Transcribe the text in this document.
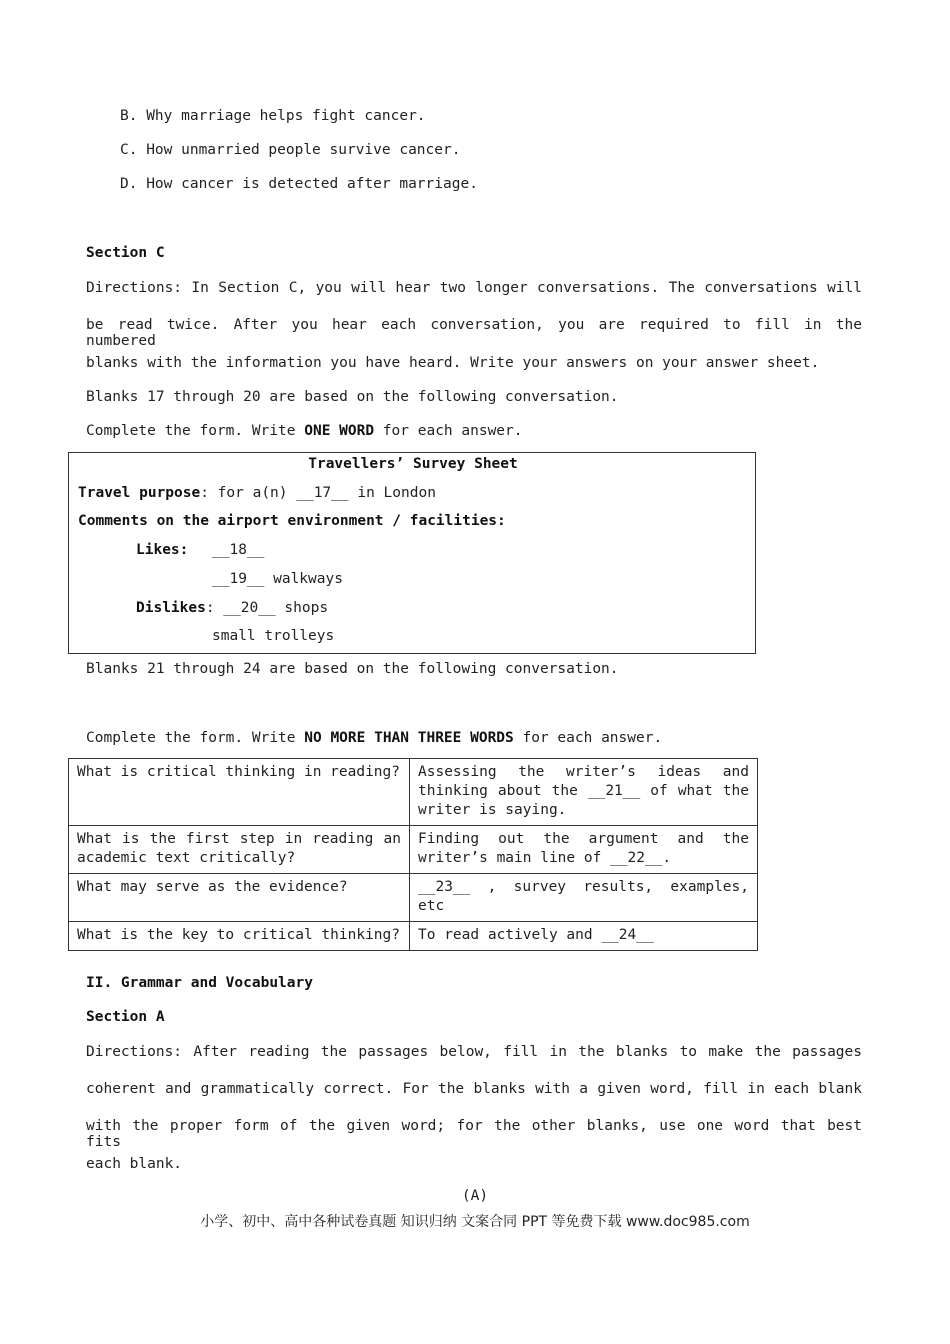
B. Why marriage helps fight cancer.
C. How unmarried people survive cancer.
D. How cancer is detected after marriage.
Section C
Directions: In Section C, you will hear two longer conversations. The conversations will
be read twice. After you hear each conversation, you are required to fill in the numbered
blanks with the information you have heard. Write your answers on your answer sheet.
Blanks 17 through 20 are based on the following conversation.
Complete the form. Write ONE WORD for each answer.
Travellers’ Survey Sheet
Travel purpose: for a(n) __17__ in London
Comments on the airport environment / facilities:
Likes: __18__
__19__ walkways
Dislikes: __20__ shops
small trolleys
Blanks 21 through 24 are based on the following conversation.
Complete the form. Write NO MORE THAN THREE WORDS for each answer.
What is critical thinking in reading?	Assessing the writer’s ideas and thinking about the __21__ of what the writer is saying.
What is the first step in reading an academic text critically?	Finding out the argument and the writer’s main line of __22__.
What may serve as the evidence?	__23__ , survey results, examples, etc
What is the key to critical thinking?	To read actively and __24__
II. Grammar and Vocabulary
Section A
Directions: After reading the passages below, fill in the blanks to make the passages
coherent and grammatically correct. For the blanks with a given word, fill in each blank
with the proper form of the given word; for the other blanks, use one word that best fits
each blank.
(A)
小学、初中、高中各种试卷真题 知识归纳 文案合同 PPT 等免费下载 www.doc985.com
